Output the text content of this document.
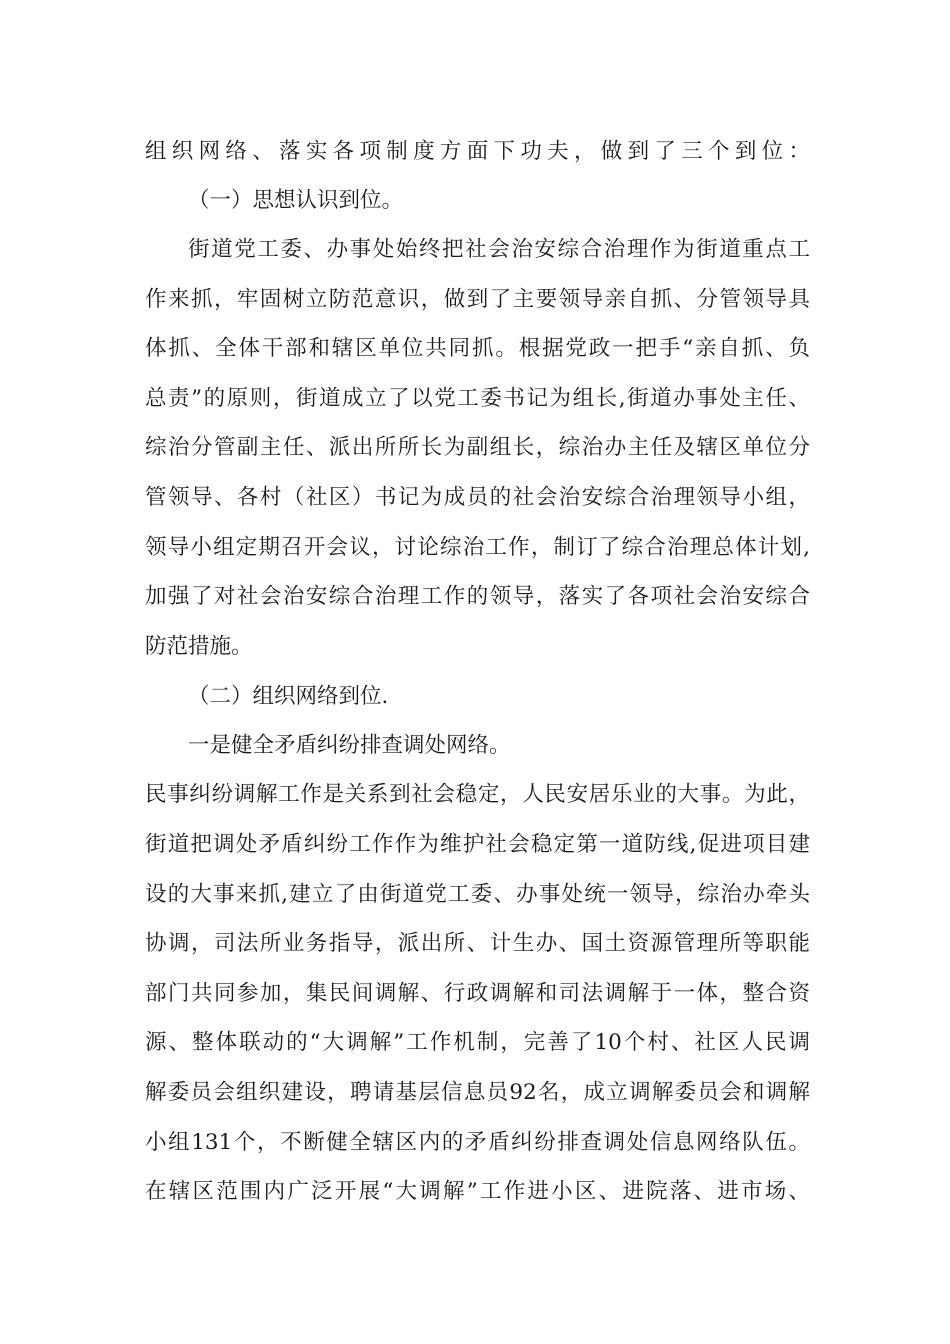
组织网络、落实各项制度方面下功夫，做到了三个到位：
（一）思想认识到位。
街道党工委、办事处始终把社会治安综合治理作为街道重点工
作来抓，牢固树立防范意识，做到了主要领导亲自抓、分管领导具
体抓、全体干部和辖区单位共同抓。根据党政一把手“亲自抓、负
总责”的原则，街道成立了以党工委书记为组长,街道办事处主任、
综治分管副主任、派出所所长为副组长，综治办主任及辖区单位分
管领导、各村（社区）书记为成员的社会治安综合治理领导小组，
领导小组定期召开会议，讨论综治工作，制订了综合治理总体计划,
加强了对社会治安综合治理工作的领导，落实了各项社会治安综合
防范措施。
（二）组织网络到位.
一是健全矛盾纠纷排查调处网络。
民事纠纷调解工作是关系到社会稳定，人民安居乐业的大事。为此，
街道把调处矛盾纠纷工作作为维护社会稳定第一道防线,促进项目建
设的大事来抓,建立了由街道党工委、办事处统一领导，综治办牵头
协调，司法所业务指导，派出所、计生办、国土资源管理所等职能
部门共同参加，集民间调解、行政调解和司法调解于一体，整合资
源、整体联动的“大调解”工作机制，完善了10个村、社区人民调
解委员会组织建设，聘请基层信息员92名，成立调解委员会和调解
小组131个，不断健全辖区内的矛盾纠纷排查调处信息网络队伍。
在辖区范围内广泛开展“大调解”工作进小区、进院落、进市场、
